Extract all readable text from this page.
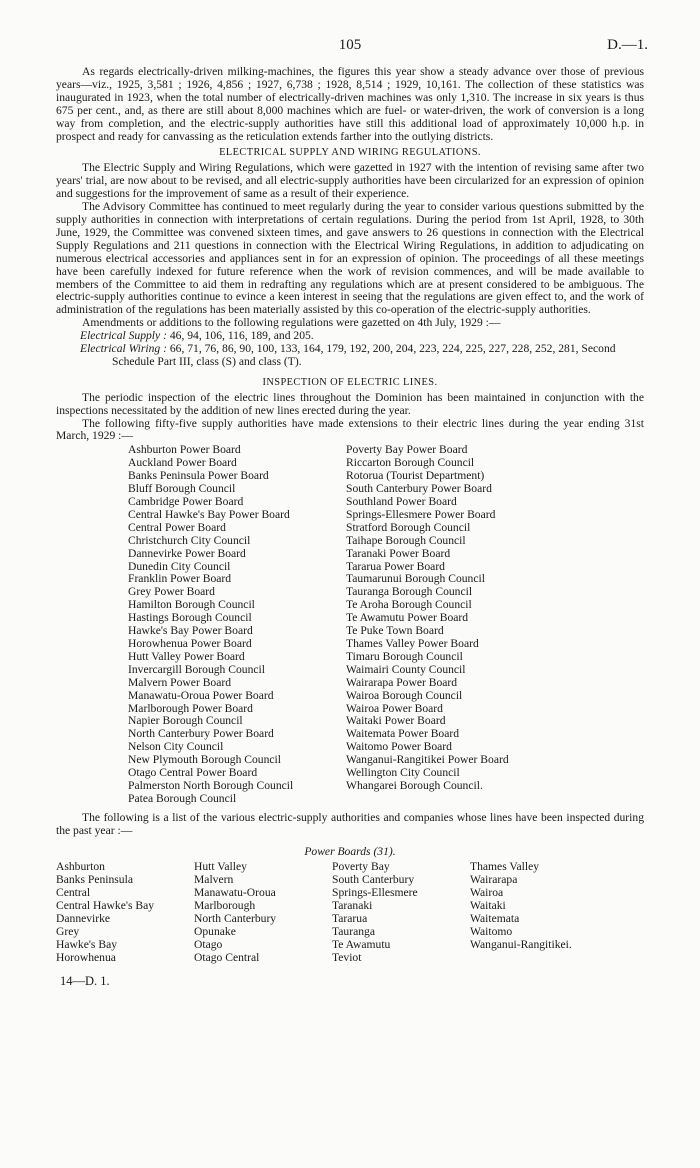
105	D.—1.

As regards electrically-driven milking-machines, the figures this year show a steady advance over those of previous years—viz., 1925, 3,581 ; 1926, 4,856 ; 1927, 6,738 ; 1928, 8,514 ; 1929, 10,161. The collection of these statistics was inaugurated in 1923, when the total number of electrically-driven machines was only 1,310. The increase in six years is thus 675 per cent., and, as there are still about 8,000 machines which are fuel- or water-driven, the work of conversion is a long way from completion, and the electric-supply authorities have still this additional load of approximately 10,000 h.p. in prospect and ready for canvassing as the reticulation extends farther into the outlying districts.

ELECTRICAL SUPPLY AND WIRING REGULATIONS.

The Electric Supply and Wiring Regulations, which were gazetted in 1927 with the intention of revising same after two years' trial, are now about to be revised, and all electric-supply authorities have been circularized for an expression of opinion and suggestions for the improvement of same as a result of their experience.

The Advisory Committee has continued to meet regularly during the year to consider various questions submitted by the supply authorities in connection with interpretations of certain regulations. During the period from 1st April, 1928, to 30th June, 1929, the Committee was convened sixteen times, and gave answers to 26 questions in connection with the Electrical Supply Regulations and 211 questions in connection with the Electrical Wiring Regulations, in addition to adjudicating on numerous electrical accessories and appliances sent in for an expression of opinion. The proceedings of all these meetings have been carefully indexed for future reference when the work of revision commences, and will be made available to members of the Committee to aid them in redrafting any regulations which are at present considered to be ambiguous. The electric-supply authorities continue to evince a keen interest in seeing that the regulations are given effect to, and the work of administration of the regulations has been materially assisted by this co-operation of the electric-supply authorities.

Amendments or additions to the following regulations were gazetted on 4th July, 1929 :—

Electrical Supply : 46, 94, 106, 116, 189, and 205.

Electrical Wiring : 66, 71, 76, 86, 90, 100, 133, 164, 179, 192, 200, 204, 223, 224, 225, 227, 228, 252, 281, Second Schedule Part III, class (S) and class (T).

INSPECTION OF ELECTRIC LINES.

The periodic inspection of the electric lines throughout the Dominion has been maintained in conjunction with the inspections necessitated by the addition of new lines erected during the year.

The following fifty-five supply authorities have made extensions to their electric lines during the year ending 31st March, 1929 :—

Ashburton Power Board
Auckland Power Board
Banks Peninsula Power Board
Bluff Borough Council
Cambridge Power Board
Central Hawke's Bay Power Board
Central Power Board
Christchurch City Council
Dannevirke Power Board
Dunedin City Council
Franklin Power Board
Grey Power Board
Hamilton Borough Council
Hastings Borough Council
Hawke's Bay Power Board
Horowhenua Power Board
Hutt Valley Power Board
Invercargill Borough Council
Malvern Power Board
Manawatu-Oroua Power Board
Marlborough Power Board
Napier Borough Council
North Canterbury Power Board
Nelson City Council
New Plymouth Borough Council
Otago Central Power Board
Palmerston North Borough Council
Patea Borough Council
Poverty Bay Power Board
Riccarton Borough Council
Rotorua (Tourist Department)
South Canterbury Power Board
Southland Power Board
Springs-Ellesmere Power Board
Stratford Borough Council
Taihape Borough Council
Taranaki Power Board
Tararua Power Board
Taumarunui Borough Council
Tauranga Borough Council
Te Aroha Borough Council
Te Awamutu Power Board
Te Puke Town Board
Thames Valley Power Board
Timaru Borough Council
Waimairi County Council
Wairarapa Power Board
Wairoa Borough Council
Wairoa Power Board
Waitaki Power Board
Waitemata Power Board
Waitomo Power Board
Wanganui-Rangitikei Power Board
Wellington City Council
Whangarei Borough Council.

The following is a list of the various electric-supply authorities and companies whose lines have been inspected during the past year :—

Power Boards (31).
Ashburton
Banks Peninsula
Central
Central Hawke's Bay
Dannevirke
Grey
Hawke's Bay
Horowhenua
Hutt Valley
Malvern
Manawatu-Oroua
Marlborough
North Canterbury
Opunake
Otago
Otago Central
Poverty Bay
South Canterbury
Springs-Ellesmere
Taranaki
Tararua
Tauranga
Te Awamutu
Teviot
Thames Valley
Wairarapa
Wairoa
Waitaki
Waitemata
Waitomo
Wanganui-Rangitikei.
14—D. 1.
